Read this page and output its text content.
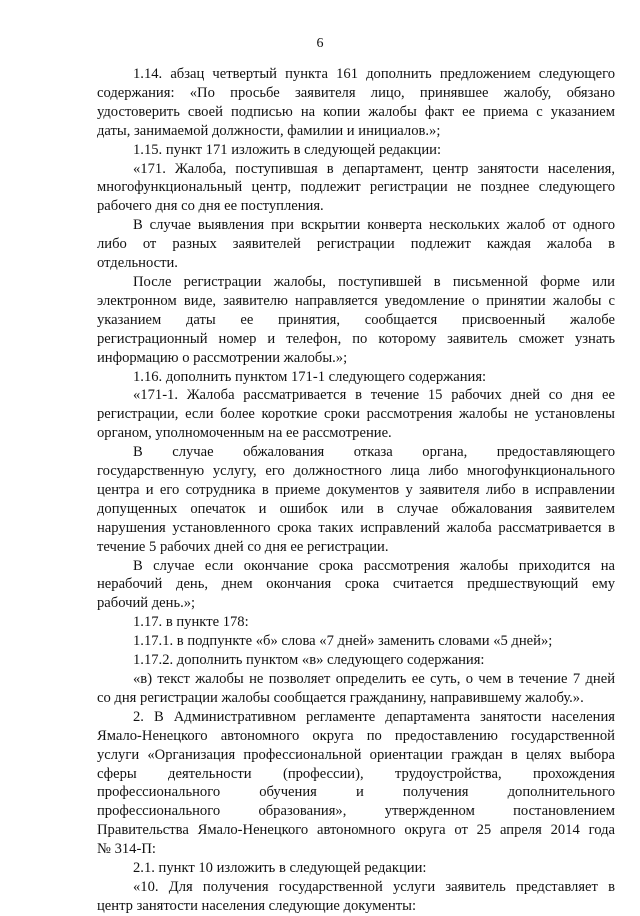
6
1.14. абзац четвертый пункта 161 дополнить предложением следующего
содержания: «По просьбе заявителя лицо, принявшее жалобу, обязано
удостоверить своей подписью на копии жалобы факт ее приема с указанием
даты, занимаемой должности, фамилии и инициалов.»;
1.15. пункт 171 изложить в следующей редакции:
«171. Жалоба, поступившая в департамент, центр занятости населения,
многофункциональный центр, подлежит регистрации не позднее следующего
рабочего дня со дня ее поступления.
В случае выявления при вскрытии конверта нескольких жалоб от одного
либо от разных заявителей регистрации подлежит каждая жалоба в
отдельности.
После регистрации жалобы, поступившей в письменной форме или
электронном виде, заявителю направляется уведомление о принятии жалобы с
указанием даты ее принятия, сообщается присвоенный жалобе
регистрационный номер и телефон, по которому заявитель сможет узнать
информацию о рассмотрении жалобы.»;
1.16. дополнить пунктом 171-1 следующего содержания:
«171-1. Жалоба рассматривается в течение 15 рабочих дней со дня ее
регистрации, если более короткие сроки рассмотрения жалобы не установлены
органом, уполномоченным на ее рассмотрение.
В случае обжалования отказа органа, предоставляющего
государственную услугу, его должностного лица либо многофункционального
центра и его сотрудника в приеме документов у заявителя либо в исправлении
допущенных опечаток и ошибок или в случае обжалования заявителем
нарушения установленного срока таких исправлений жалоба рассматривается в
течение 5 рабочих дней со дня ее регистрации.
В случае если окончание срока рассмотрения жалобы приходится на
нерабочий день, днем окончания срока считается предшествующий ему
рабочий день.»;
1.17. в пункте 178:
1.17.1. в подпункте «б» слова «7 дней» заменить словами «5 дней»;
1.17.2. дополнить пунктом «в» следующего содержания:
«в) текст жалобы не позволяет определить ее суть, о чем в течение 7 дней
со дня регистрации жалобы сообщается гражданину, направившему жалобу.».
2. В Административном регламенте департамента занятости населения
Ямало-Ненецкого автономного округа по предоставлению государственной
услуги «Организация профессиональной ориентации граждан в целях выбора
сферы деятельности (профессии), трудоустройства, прохождения
профессионального обучения и получения дополнительного
профессионального образования», утвержденном постановлением
Правительства Ямало-Ненецкого автономного округа от 25 апреля 2014 года
№ 314-П:
2.1. пункт 10 изложить в следующей редакции:
«10. Для получения государственной услуги заявитель представляет в
центр занятости населения следующие документы:
